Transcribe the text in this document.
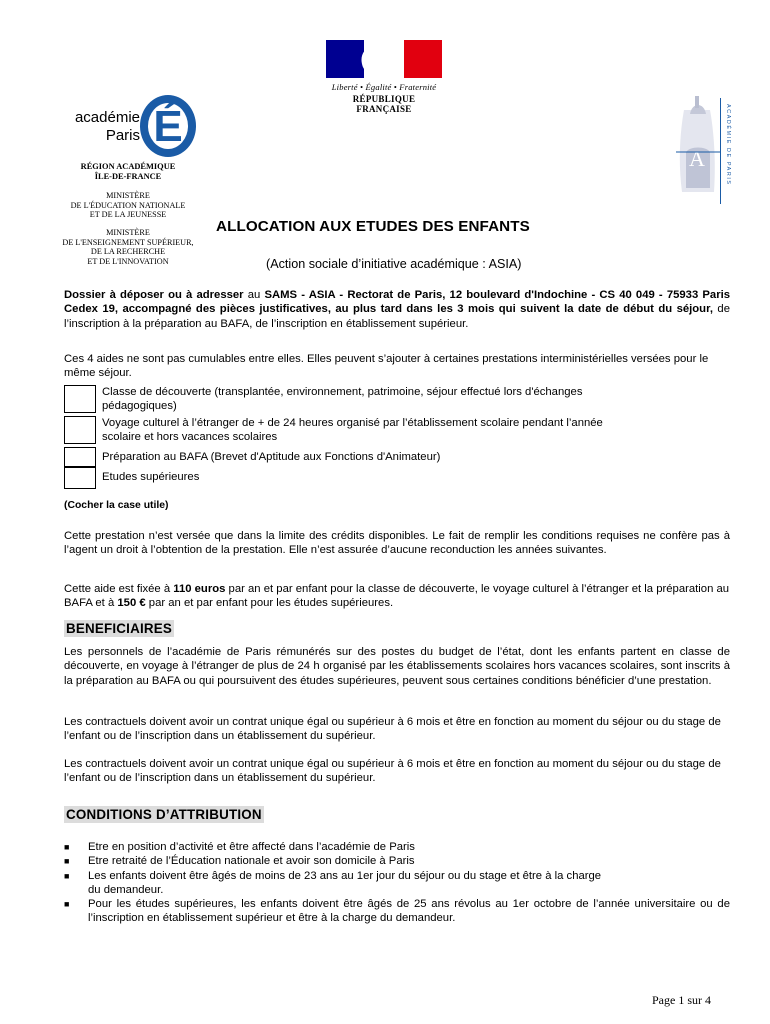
Liberté • Égalité • Fraternité
RÉPUBLIQUE FRANÇAISE
É
académie
Paris
RÉGION ACADÉMIQUE
ÎLE-DE-FRANCE
MINISTÈRE
DE L'ÉDUCATION NATIONALE
ET DE LA JEUNESSE
MINISTÈRE
DE L'ENSEIGNEMENT SUPÉRIEUR,
DE LA RECHERCHE
ET DE L'INNOVATION
A	ACADÉMIE DE PARIS
ALLOCATION AUX ETUDES DES ENFANTS
(Action sociale d’initiative académique : ASIA)
Dossier à déposer ou à adresser au SAMS - ASIA - Rectorat de Paris, 12 boulevard d'Indochine - CS 40 049 - 75933 Paris Cedex 19, accompagné des pièces justificatives, au plus tard dans les 3 mois qui suivent la date de début du séjour, de l’inscription à la préparation au BAFA, de l’inscription en établissement supérieur.
Ces 4 aides ne sont pas cumulables entre elles. Elles peuvent s’ajouter à certaines prestations interministérielles versées pour le même séjour.
Classe de découverte (transplantée, environnement, patrimoine, séjour effectué lors d'échanges
pédagogiques)
Voyage culturel à l’étranger de + de 24 heures organisé par l’établissement scolaire pendant l’année
scolaire et hors vacances scolaires
Préparation au BAFA (Brevet d'Aptitude aux Fonctions d'Animateur)
Etudes supérieures
(Cocher la case utile)
Cette prestation n’est versée que dans la limite des crédits disponibles. Le fait de remplir les conditions requises ne confère pas à l’agent un droit à l’obtention de la prestation. Elle n’est assurée d’aucune reconduction les années suivantes.
Cette aide est fixée à 110 euros par an et par enfant pour la classe de découverte, le voyage culturel à l’étranger et la préparation au BAFA et à 150 € par an et par enfant pour les études supérieures.
BENEFICIAIRES
Les personnels de l’académie de Paris rémunérés sur des postes du budget de l’état, dont les enfants partent en classe de découverte, en voyage à l’étranger de plus de 24 h organisé par les établissements scolaires hors vacances scolaires, sont inscrits à la préparation au BAFA ou qui poursuivent des études supérieures, peuvent sous certaines conditions bénéficier d’une prestation.
Les contractuels doivent avoir un contrat unique égal ou supérieur à 6 mois et être en fonction au moment du séjour ou du stage de l’enfant ou de l’inscription dans un établissement du supérieur.
Les contractuels doivent avoir un contrat unique égal ou supérieur à 6 mois et être en fonction au moment du séjour ou du stage de l’enfant ou de l’inscription dans un établissement du supérieur.
CONDITIONS D’ATTRIBUTION
■ Etre en position d’activité et être affecté dans l’académie de Paris
■ Etre retraité de l’Éducation nationale et avoir son domicile à Paris
■ Les enfants doivent être âgés de moins de 23 ans au 1er jour du séjour ou du stage et être à la charge
du demandeur.
■ Pour les études supérieures, les enfants doivent être âgés de 25 ans révolus au 1er octobre de l’année universitaire ou de l’inscription en établissement supérieur et être à la charge du demandeur.
Page 1 sur 4
